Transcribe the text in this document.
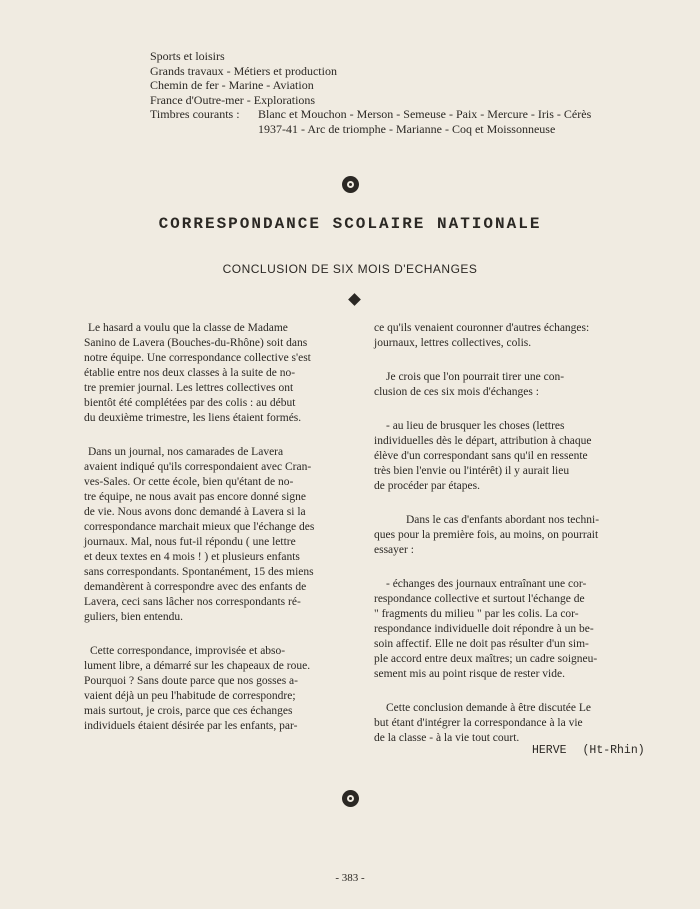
Sports et loisirs
Grands travaux - Métiers et production
Chemin de fer - Marine - Aviation
France d'Outre-mer - Explorations
Timbres courants :	Blanc et Mouchon - Merson - Semeuse - Paix - Mercure - Iris - Cérès
1937-41 - Arc de triomphe - Marianne - Coq et Moissonneuse
CORRESPONDANCE SCOLAIRE NATIONALE
CONCLUSION DE SIX MOIS D'ECHANGES

Le hasard a voulu que la classe de Madame
Sanino de Lavera (Bouches-du-Rhône) soit dans
notre équipe. Une correspondance collective s'est
établie entre nos deux classes à la suite de no-
tre premier journal. Les lettres collectives ont
bientôt été complétées par des colis : au début
du deuxième trimestre, les liens étaient formés.

Dans un journal, nos camarades de Lavera
avaient indiqué qu'ils correspondaient avec Cran-
ves-Sales. Or cette école, bien qu'étant de no-
tre équipe, ne nous avait pas encore donné signe
de vie. Nous avons donc demandé à Lavera si la
correspondance marchait mieux que l'échange des
journaux. Mal, nous fut-il répondu ( une lettre
et deux textes en 4 mois ! ) et plusieurs enfants
sans correspondants. Spontanément, 15 des miens
demandèrent à correspondre avec des enfants de
Lavera, ceci sans lâcher nos correspondants ré-
guliers, bien entendu.

Cette correspondance, improvisée et abso-
lument libre, a démarré sur les chapeaux de roue.
Pourquoi ? Sans doute parce que nos gosses a-
vaient déjà un peu l'habitude de correspondre;
mais surtout, je crois, parce que ces échanges
individuels étaient désirée par les enfants, par-

ce qu'ils venaient couronner d'autres échanges:
journaux, lettres collectives, colis.

Je crois que l'on pourrait tirer une con-
clusion de ces six mois d'échanges :

- au lieu de brusquer les choses (lettres
individuelles dès le départ, attribution à chaque
élève d'un correspondant sans qu'il en ressente
très bien l'envie ou l'intérêt) il y aurait lieu
de procéder par étapes.

Dans le cas d'enfants abordant nos techni-
ques pour la première fois, au moins, on pourrait
essayer :

- échanges des journaux entraînant une cor-
respondance collective et surtout l'échange de
" fragments du milieu " par les colis. La cor-
respondance individuelle doit répondre à un be-
soin affectif. Elle ne doit pas résulter d'un sim-
ple accord entre deux maîtres; un cadre soigneu-
sement mis au point risque de rester vide.

Cette conclusion demande à être discutée Le
but étant d'intégrer la correspondance à la vie
de la classe - à la vie tout court.

HERVE (Ht-Rhin)
- 383 -
